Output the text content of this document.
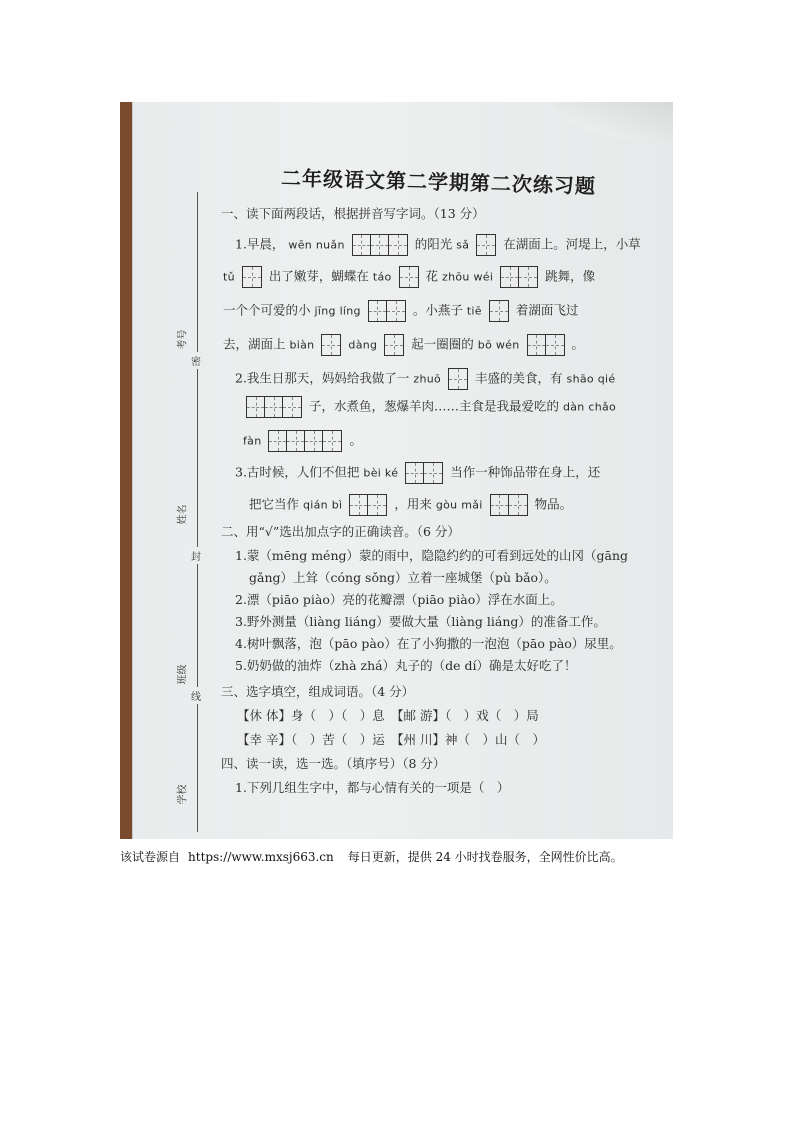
考号
姓名
班级
学校
密
封
线
二年级语文第二学期第二次练习题
一、读下面两段话，根据拼音写字词。（13 分）
1.早晨， wēn nuǎn	的阳光 sǎ	在湖面上。河堤上，小草
tǔ	出了嫩芽，蝴蝶在 táo	花 zhōu wéi	跳舞，像
一个个可爱的小 jīng líng	。小燕子 tiē	着湖面飞过
去，湖面上 biàn	dàng	起一圈圈的 bō wén	。
2.我生日那天，妈妈给我做了一 zhuō	丰盛的美食，有 shāo qié
子，水煮鱼，葱爆羊肉……主食是我最爱吃的 dàn chǎo
fàn	。
3.古时候，人们不但把 bèi ké	当作一种饰品带在身上，还
把它当作 qián bì	，用来 gòu mǎi	物品。
二、用“√”选出加点字的正确读音。（6 分）
1.蒙（mēng méng）蒙的雨中，隐隐约约的可看到远处的山冈（gāng
gǎng）上耸（cóng sǒng）立着一座城堡（pù bǎo）。
2.漂（piāo piào）亮的花瓣漂（piāo piào）浮在水面上。
3.野外测量（liàng liáng）要做大量（liàng liáng）的准备工作。
4.树叶飘落，泡（pāo pào）在了小狗撒的一泡泡（pāo pào）尿里。
5.奶奶做的油炸（zhà zhá）丸子的（de dí）确是太好吃了！
三、选字填空，组成词语。（4 分）
【休 体】身（　）（　）息　【邮 游】（　）戏（　）局
【幸 辛】（　）苦（　）运　【州 川】神（　）山（　）
四、读一读，选一选。（填序号）（8 分）
1.下列几组生字中，都与心情有关的一项是（　）
该试卷源自 https://www.mxsj663.cn 每日更新，提供 24 小时找卷服务，全网性价比高。
